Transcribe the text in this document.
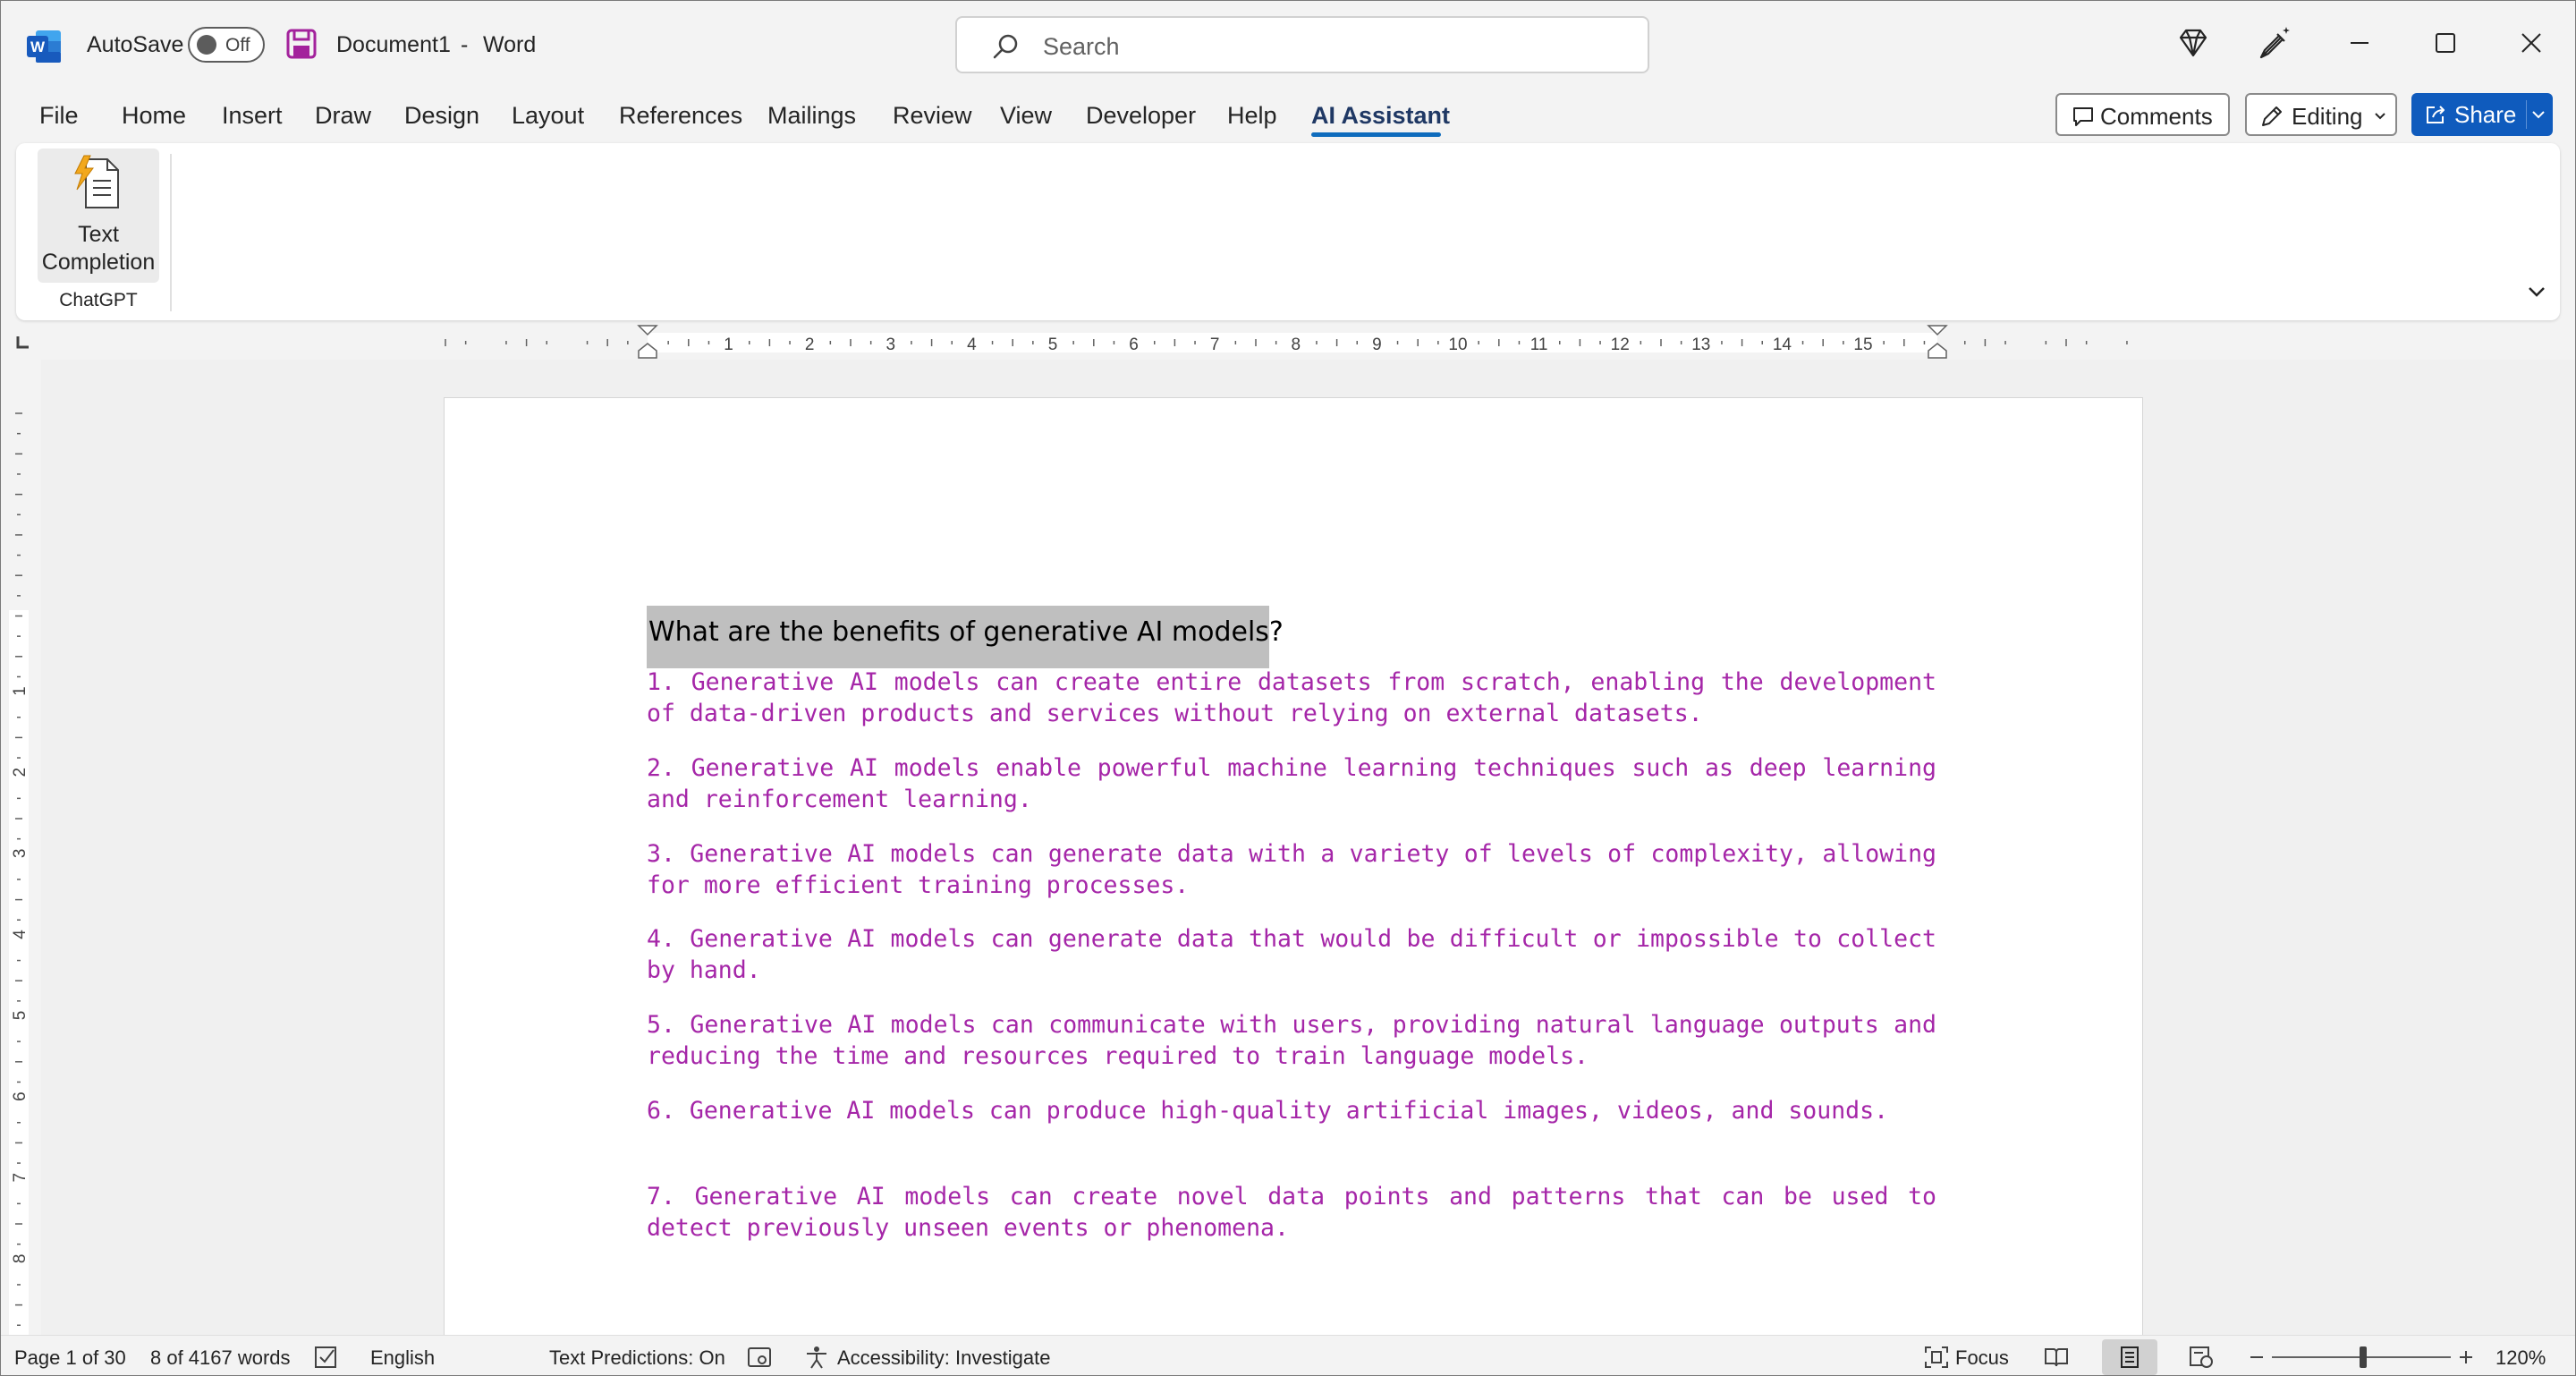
W AutoSave Off	Document1 - Word	Search
File Home Insert Draw Design Layout References Mailings Review View Developer Help AI Assistant	Comments	Editing	Share
Text
Completion
ChatGPT
1	2	3	4	5	6	7	8	9	10	11	12	13	14	15
1
2
3
4
5
6
7
8
What are the benefits of generative AI models?
1. Generative AI models can create entire datasets from scratch, enabling the development of data-driven products and services without relying on external datasets.
2. Generative AI models enable powerful machine learning techniques such as deep learning and reinforcement learning.
3. Generative AI models can generate data with a variety of levels of complexity, allowing for more efficient training processes.
4. Generative AI models can generate data that would be difficult or impossible to collect by hand.
5. Generative AI models can communicate with users, providing natural language outputs and reducing the time and resources required to train language models.
6. Generative AI models can produce high-quality artificial images, videos, and sounds.
7. Generative AI models can create novel data points and patterns that can be used to detect previously unseen events or phenomena.
Page 1 of 30 8 of 4167 words	English	Text Predictions: On	Accessibility: Investigate	Focus	120%
